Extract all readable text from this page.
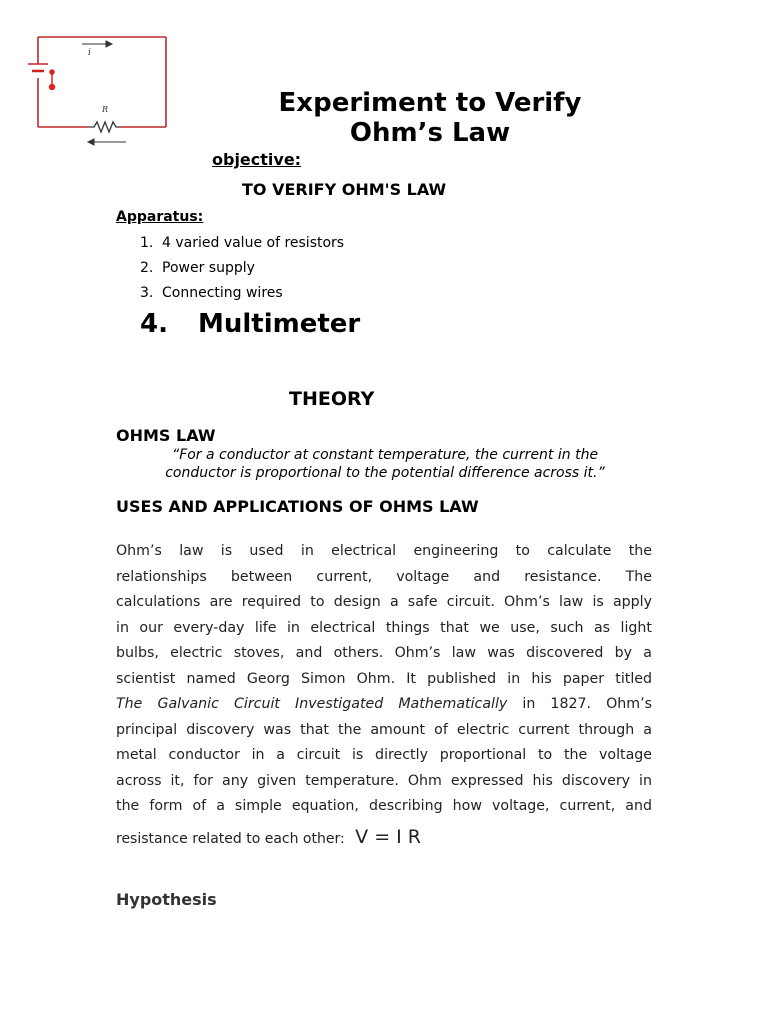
i
R	Experiment to Verify
Ohm’s Law
objective:
TO VERIFY OHM'S LAW
Apparatus:
1. 4 varied value of resistors
2. Power supply
3. Connecting wires
4. Multimeter
THEORY
OHMS LAW
“For a conductor at constant temperature, the current in the
conductor is proportional to the potential difference across it.”
USES AND APPLICATIONS OF OHMS LAW
Ohm’s law is used in electrical engineering to calculate the
relationships between current, voltage and resistance. The
calculations are required to design a safe circuit. Ohm’s law is apply
in our every-day life in electrical things that we use, such as light
bulbs, electric stoves, and others. Ohm’s law was discovered by a
scientist named Georg Simon Ohm. It published in his paper titled
The Galvanic Circuit Investigated Mathematically in 1827. Ohm’s
principal discovery was that the amount of electric current through a
metal conductor in a circuit is directly proportional to the voltage
across it, for any given temperature. Ohm expressed his discovery in
the form of a simple equation, describing how voltage, current, and
resistance related to each other: V = I R
Hypothesis
